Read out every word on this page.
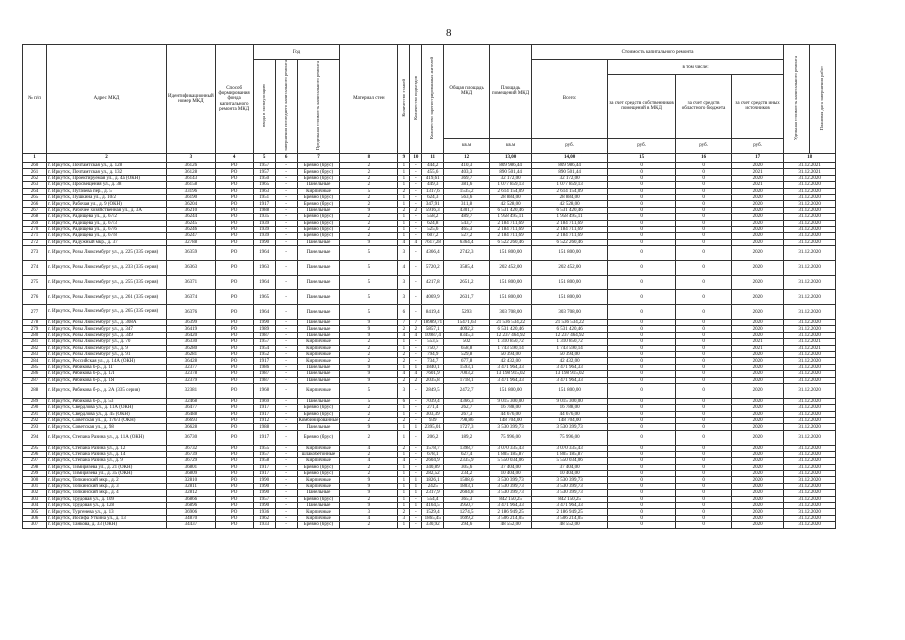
8
№ п/п	Адрес МКД	Идентификационный номер МКД	Способ формирования фонда капитального ремонта МКД	Год			Материал стен	Количество этажей	Количество подъездов	Количество зарегистрированных жителей	Общая площадь МКД	Площадь помещений МКД	Стоимость капитального ремонта				Удельная стоимость капитального ремонта	Плановая дата завершения работ
				ввода в эксплуатацию	завершения последнего капитального ремонта	Предельная стоимость капитального ремонта							Всего:	в том числе:				
														за счет средств собственников помещений в МКД	за счет средств областного бюджета	за счет средств иных источников		
											кв.м	кв.м	руб.	руб.	руб.	руб.		
1	2	3	4	5	6	7	8	9	10	11	12	13,00	14,00	15	16	17	18	
260	г. Иркутск, Почтамтская ул., д. 128	36126	РО	1957	-	Бревно (брус)	2	1	-	444,2	410,3	809 986,44	809 986,44	0	0	2020	31.12.2021	
261	г. Иркутск, Почтамтская ул., д. 132	36128	РО	1957	-	Бревно (брус)	2	1	-	455,6	403,3	890 501,44	890 501,44	0	0	2021	31.12.2021	
262	г. Иркутск, Проектируемая ул., д. 4а (ОКН)	36143	РО	1950	-	Бревно (брус)	2	1	-	419,61	369,7	32 172,00	32 172,00	0	0	2020	31.12.2020	
263	г. Иркутск, Просвещения ул., д. 38	36158	РО	1965	-	Панельные	2	1	-	449,3	381,6	1 077 859,13	1 077 859,13	0	0	2021	31.12.2020	
264	г. Иркутск, Пугачёва пер., д. 5	33196	РО	1963	-	Кирпичные	5	2	-	1317,6	1535,2	2 614 154,09	2 614 154,09	0	0	2020	31.12.2020	
265	г. Иркутск, Пушкина ул., д. 10/2	36190	РО	1951	-	Бревно (брус)	2	1	-	624,3	563,6	28 884,00	28 884,00	0	0	2020	31.12.2020	
266	г. Иркутск, Рабочая ул., д. 9 (ОКН)	36204	РО	1917	-	Бревно (брус)	2	1	-	347,91	311,8	42 528,00	42 528,00	0	0	2020	31.12.2020	
267	г. Иркутск, Рабочее хозяйственная ул., д. 3А	36210	РО	1988	-	Панельные	9	2	2	5916,3	4301,7	6 531 420,46	6 531 420,46	0	0	2020	31.12.2020	
268	г. Иркутск, Радищева ул., д. 67/2	36244	РО	1935	-	Бревно (брус)	2	1	-	558,2	489,7	1 958 495,11	1 958 495,11	0	0	2020	31.12.2020	
269	г. Иркутск, Радищева ул., д. 67/3	36245	РО	1939	-	Бревно (брус)	2	1	-	624,8	543,7	2 184 711,69	2 184 711,69	0	0	2020	31.12.2020	
270	г. Иркутск, Радищева ул., д. 67/6	36246	РО	1939	-	Бревно (брус)	2	1	-	525,6	465,3	2 184 711,69	2 184 711,69	0	0	2020	31.12.2020	
271	г. Иркутск, Радищева ул., д. 67/8	36247	РО	1939	-	Бревно (брус)	2	1	-	607,2	527,2	2 184 711,69	2 184 711,69	0	0	2020	31.12.2020	
272	г. Иркутск, Радужный мкр., д. 37	32788	РО	1990	-	Панельные	9	4	4	7617,28	6364,4	6 522 260,46	6 522 260,46	0	0	2020	31.12.2020	
273	г. Иркутск, Розы Люксембург ул., д. 225 (335 серия)	36359	РО	1964	-	Панельные	5	3	-	4366,4	2742,3	151 800,00	151 800,00	0	0	2020	31.12.2020	
274	г. Иркутск, Розы Люксембург ул., д. 233 (335 серия)	36363	РО	1963	-	Панельные	5	4	-	5720,2	3585,4	202 452,00	202 452,00	0	0	2020	31.12.2020	
275	г. Иркутск, Розы Люксембург ул., д. 255 (335 серия)	36371	РО	1964	-	Панельные	5	3	-	4217,8	2651,2	151 800,00	151 800,00	0	0	2020	31.12.2020	
276	г. Иркутск, Розы Люксембург ул., д. 261 (335 серия)	36374	РО	1965	-	Панельные	5	3	-	4069,9	2631,7	151 800,00	151 800,00	0	0	2020	31.12.2020	
277	г. Иркутск, Розы Люксембург ул., д. 265 (335 серия)	36376	РО	1964	-	Панельные	5	6	-	8419,4	5293	303 708,00	303 708,00	0	0	2020	31.12.2020	
278	г. Иркутск, Розы Люксембург ул., д. 308А	36399	РО	1990	-	Панельные	9	7	7	18989,71	15471,63	21 536 534,22	21 536 534,22	0	0	2020	31.12.2020	
279	г. Иркутск, Розы Люксембург ул., д. 347	36419	РО	1989	-	Панельные	9	2	2	5857,1	4092,2	6 531 420,46	6 531 420,46	0	0	2020	31.12.2020	
280	г. Иркутск, Розы Люксембург ул., д. 349	36420	РО	1987	-	Панельные	9	4	4	10987,4	8345,3	12 237 464,92	12 237 464,92	0	0	2020	31.12.2020	
281	г. Иркутск, Розы Люксембург ул., д. 70	36330	РО	1957	-	Кирпичные	2	1	-	553,5	502	1 310 850,72	1 310 850,72	0	0	2021	31.12.2021	
282	г. Иркутск, Розы Люксембург ул., д. 9	36280	РО	1954	-	Кирпичные	2	1	-	750,7	658,8	1 743 590,14	1 743 590,14	0	0	2021	31.12.2021	
283	г. Иркутск, Розы Люксембург ул., д. 91	36281	РО	1952	-	Кирпичные	2	2	-	794,9	529,8	50 394,00	50 394,00	0	0	2020	31.12.2020	
284	г. Иркутск, Российская ул., д. 14А (ОКН)	36428	РО	1917	-	Кирпичные	2	2	-	734,7	677,8	42 432,00	42 432,00	0	0	2020	31.12.2020	
285	г. Иркутск, Рябикова б-р., д. 1Г	32377	РО	1986	-	Панельные	9	1	1	1840,1	1593,1	3 471 964,33	3 471 964,33	0	0	2020	31.12.2020	
286	г. Иркутск, Рябикова б-р., д. 1Л	32378	РО	1987	-	Панельные	9	4	4	7601,9	7003,2	13 198 915,02	13 198 915,02	0	0	2020	31.12.2020	
287	г. Иркутск, Рябикова б-р., д. 1Я	32379	РО	1987	-	Панельные	9	2	2	2035,8	1718,1	3 471 964,33	3 471 964,33	0	0	2020	31.12.2020	
288	г. Иркутск, Рябикова б-р., д. 2А (335 серия)	32381	РО	1968	-	Кирпичные	5	3	-	2849,5	2472,7	151 800,00	151 800,00	0	0	2020	31.12.2020	
289	г. Иркутск, Рябикова б-р., д. 53	32468	РО	1969	-	Панельные	5	6	-	7039,4	4366,3	9 015 300,00	9 015 300,00	0	0	2020	31.12.2020	
290	г. Иркутск, Свердлова ул., д. 11А (ОКН)	36477	РО	1917	-	Бревно (брус)	2	1	-	271,4	262,7	16 788,00	16 788,00	0	0	2020	31.12.2020	
291	г. Иркутск, Свердлова ул., д. 45 (ОКН)	36488	РО	1917	-	Бревно (брус)	2	1	-	303,39	267,3	44 676,00	44 676,00	0	0	2020	31.12.2020	
292	г. Иркутск, Советская ул., д. 176/3 (ОКН)	36693	РО	1912	-	Комбинированные	2	2	-	939	798,86	148 704,00	148 704,00	0	0	2020	31.12.2020	
293	г. Иркутск, Советская ул., д. 98	36628	РО	1988	-	Панельные	9	1	1	2395,01	1727,3	3 530 399,73	3 530 399,73	0	0	2020	31.12.2020	
294	г. Иркутск, Степана Разина ул., д. 11А (ОКН)	36730	РО	1917	-	Бревно (брус)	2	1	-	206,2	189,2	75 996,00	75 996,00	0	0	2020	31.12.2020	
295	г. Иркутск, Степана Разина ул., д. 12	36732	РО	1955	-	Кирпичные	4	2	-	1578,7	1398,7	3 070 335,43	3 070 335,43	0	0	2020	31.12.2020	
296	г. Иркутск, Степана Разина ул., д. 14	36739	РО	1957	-	шлакобетонные	2	1	-	678,1	627,4	1 805 185,87	1 805 185,87	0	0	2020	31.12.2020	
297	г. Иркутск, Степана Разина ул., д. 9	36729	РО	1958	-	Кирпичные	4	4	-	2604,9	2335,9	5 550 034,06	5 550 034,06	0	0	2020	31.12.2020	
298	г. Иркутск, Тимирязева ул., д. 21 (ОКН)	36801	РО	1917	-	Бревно (брус)	2	1	-	340,89	305,6	37 404,00	37 404,00	0	0	2020	31.12.2020	
299	г. Иркутск, Тимирязева ул., д. 35 (ОКН)	36809	РО	1917	-	Бревно (брус)	2	1	-	282,52	234,2	10 404,00	10 404,00	0	0	2020	31.12.2020	
300	г. Иркутск, Топкинский мкр., д. 2	32810	РО	1990	-	Кирпичные	9	1	1	1826,1	1508,6	3 530 399,73	3 530 399,73	0	0	2020	31.12.2020	
301	г. Иркутск, Топкинский мкр., д. 3	32811	РО	1990	-	Кирпичные	9	1	1	2425	1803,1	3 530 399,73	3 530 399,73	0	0	2020	31.12.2020	
302	г. Иркутск, Топкинский мкр., д. 4	32812	РО	1990	-	Панельные	9	1	1	2317,9	2604,8	3 530 399,73	3 530 399,73	0	0	2020	31.12.2020	
303	г. Иркутск, Трудовая ул., д. 109	36866	РО	1957	-	Бревно (брус)	2	1	-	554,4	365,3	842 150,25	842 150,25	0	0	2020	31.12.2020	
304	г. Иркутск, Трудовая ул., д. 128	36896	РО	1990	-	Панельные	9	1	1	4164,5	3950,7	3 471 964,33	3 471 964,33	0	0	2020	31.12.2020	
305	г. Иркутск, Тургенева ул., д. 13	36906	РО	1936	-	Кирпичные	3	2	-	1529,4	1274,5	2 186 949,25	2 186 949,25	0	0	2020	31.12.2020	
306	г. Иркутск, Иосифа Уткина ул., д. 13	34870	РО	1962	-	Кирпичные	4	3	-	1865,45	1699,2	3 506 214,05	3 506 214,05	0	0	2020	31.12.2020	
307	г. Иркутск, Танкова, д. 33 (ОКН)	34437	РО	1933	-	Бревно (брус)	2	1	-	330,92	294,6	48 552,00	48 552,00	0	0	2020	31.12.2020	
